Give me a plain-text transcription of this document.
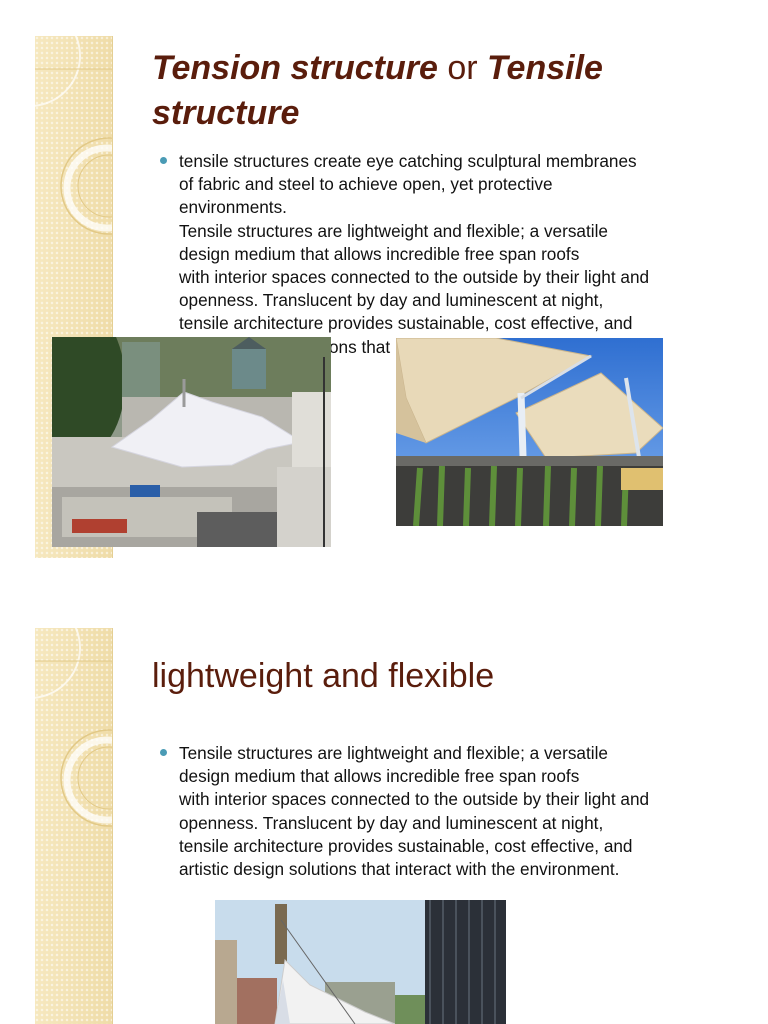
Tension structure or Tensile structure
tensile structures create eye catching sculptural membranes
of fabric and steel to achieve open, yet protective
environments.
Tensile structures are lightweight and flexible; a versatile
design medium that allows incredible free span roofs
with interior spaces connected to the outside by their light and
openness. Translucent by day and luminescent at night,
tensile architecture provides sustainable, cost effective, and
that
lightweight and flexible
Tensile structures are lightweight and flexible; a versatile
design medium that allows incredible free span roofs
with interior spaces connected to the outside by their light and
openness. Translucent by day and luminescent at night,
tensile architecture provides sustainable, cost effective, and
artistic design solutions that interact with the environment.
